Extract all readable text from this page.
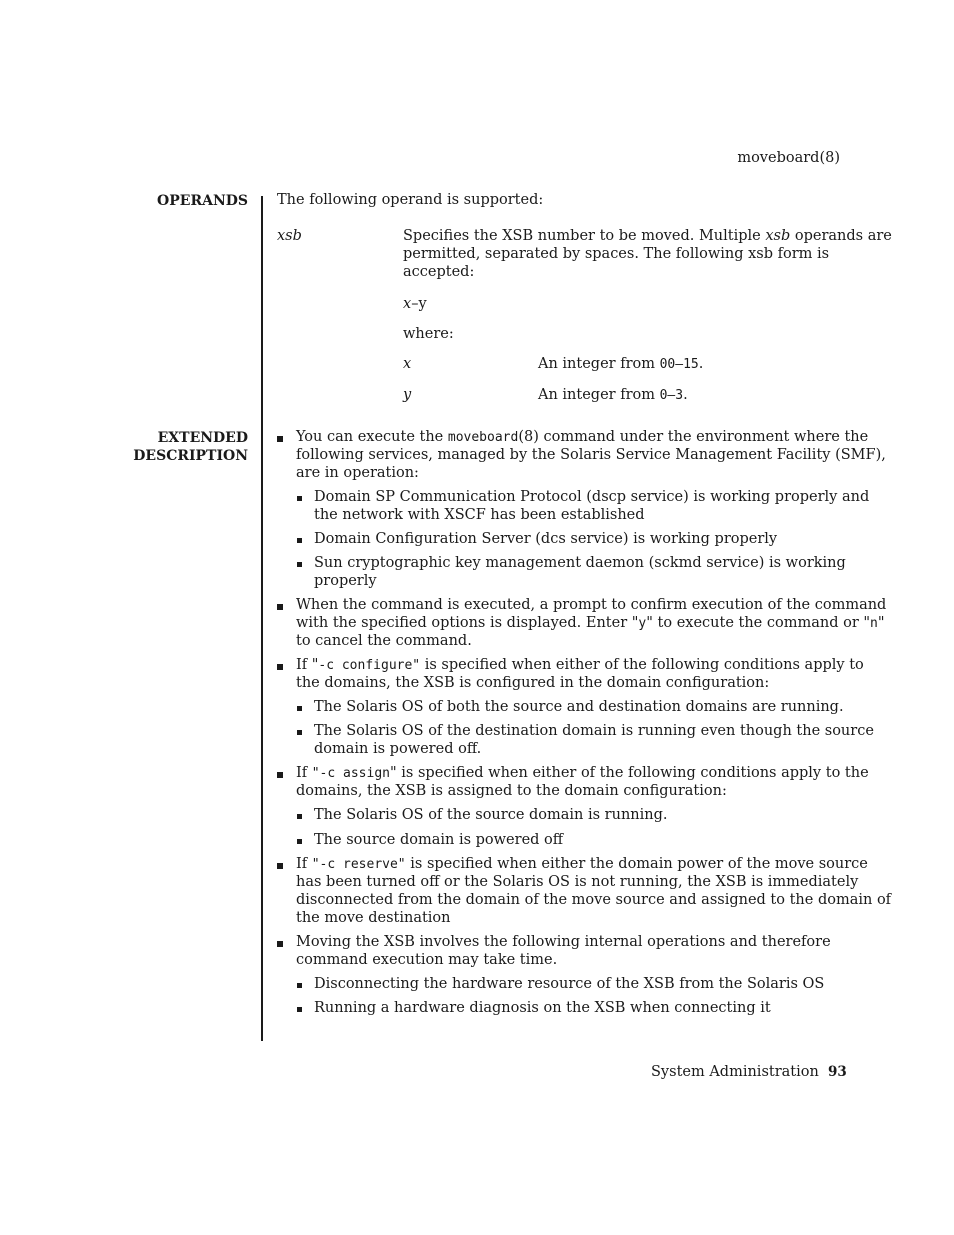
moveboard(8)
OPERANDS
EXTENDED
DESCRIPTION
The following operand is supported:
xsb	Specifies the XSB number to be moved. Multiple xsb operands are
permitted, separated by spaces. The following xsb form is
accepted:
x–y
where:
x	An integer from 00–15.
y	An integer from 0–3.
You can execute the moveboard(8) command under the environment where the
following services, managed by the Solaris Service Management Facility (SMF),
are in operation:
Domain SP Communication Protocol (dscp service) is working properly and
the network with XSCF has been established
Domain Configuration Server (dcs service) is working properly
Sun cryptographic key management daemon (sckmd service) is working
properly
When the command is executed, a prompt to confirm execution of the command
with the specified options is displayed. Enter "y" to execute the command or "n"
to cancel the command.
If "-c configure" is specified when either of the following conditions apply to
the domains, the XSB is configured in the domain configuration:
The Solaris OS of both the source and destination domains are running.
The Solaris OS of the destination domain is running even though the source
domain is powered off.
If "-c assign" is specified when either of the following conditions apply to the
domains, the XSB is assigned to the domain configuration:
The Solaris OS of the source domain is running.
The source domain is powered off
If "-c reserve" is specified when either the domain power of the move source
has been turned off or the Solaris OS is not running, the XSB is immediately
disconnected from the domain of the move source and assigned to the domain of
the move destination
Moving the XSB involves the following internal operations and therefore
command execution may take time.
Disconnecting the hardware resource of the XSB from the Solaris OS
Running a hardware diagnosis on the XSB when connecting it
System Administration 93
